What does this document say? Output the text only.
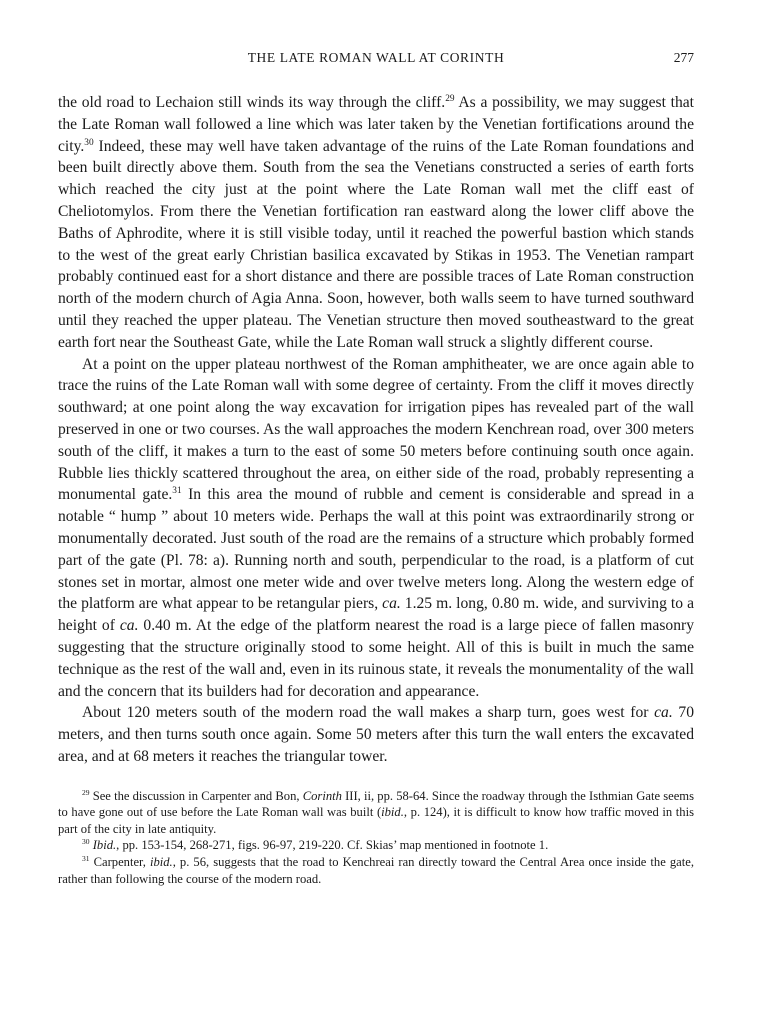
THE LATE ROMAN WALL AT CORINTH	277

the old road to Lechaion still winds its way through the cliff.$^{29}$ As a possibility, we may suggest that the Late Roman wall followed a line which was later taken by the Venetian fortifications around the city.$^{30}$ Indeed, these may well have taken advantage of the ruins of the Late Roman foundations and been built directly above them. South from the sea the Venetians constructed a series of earth forts which reached the city just at the point where the Late Roman wall met the cliff east of Cheliotomylos. From there the Venetian fortification ran eastward along the lower cliff above the Baths of Aphrodite, where it is still visible today, until it reached the powerful bastion which stands to the west of the great early Christian basilica excavated by Stikas in 1953. The Venetian rampart probably continued east for a short distance and there are possible traces of Late Roman construction north of the modern church of Agia Anna. Soon, however, both walls seem to have turned southward until they reached the upper plateau. The Venetian structure then moved southeastward to the great earth fort near the Southeast Gate, while the Late Roman wall struck a slightly different course.

At a point on the upper plateau northwest of the Roman amphitheater, we are once again able to trace the ruins of the Late Roman wall with some degree of certainty. From the cliff it moves directly southward; at one point along the way excavation for irrigation pipes has revealed part of the wall preserved in one or two courses. As the wall approaches the modern Kenchrean road, over 300 meters south of the cliff, it makes a turn to the east of some 50 meters before continuing south once again. Rubble lies thickly scattered throughout the area, on either side of the road, probably representing a monumental gate.$^{31}$ In this area the mound of rubble and cement is considerable and spread in a notable “ hump ” about 10 meters wide. Perhaps the wall at this point was extraordinarily strong or monumentally decorated. Just south of the road are the remains of a structure which probably formed part of the gate (Pl. 78: a). Running north and south, perpendicular to the road, is a platform of cut stones set in mortar, almost one meter wide and over twelve meters long. Along the western edge of the platform are what appear to be retangular piers, ca. 1.25 m. long, 0.80 m. wide, and surviving to a height of ca. 0.40 m. At the edge of the platform nearest the road is a large piece of fallen masonry suggesting that the structure originally stood to some height. All of this is built in much the same technique as the rest of the wall and, even in its ruinous state, it reveals the monumentality of the wall and the concern that its builders had for decoration and appearance.

About 120 meters south of the modern road the wall makes a sharp turn, goes west for ca. 70 meters, and then turns south once again. Some 50 meters after this turn the wall enters the excavated area, and at 68 meters it reaches the triangular tower.

$^{29}$ See the discussion in Carpenter and Bon, Corinth III, ii, pp. 58-64. Since the roadway through the Isthmian Gate seems to have gone out of use before the Late Roman wall was built (ibid., p. 124), it is difficult to know how traffic moved in this part of the city in late antiquity.

$^{30}$ Ibid., pp. 153-154, 268-271, figs. 96-97, 219-220. Cf. Skias’ map mentioned in footnote 1.

$^{31}$ Carpenter, ibid., p. 56, suggests that the road to Kenchreai ran directly toward the Central Area once inside the gate, rather than following the course of the modern road.
